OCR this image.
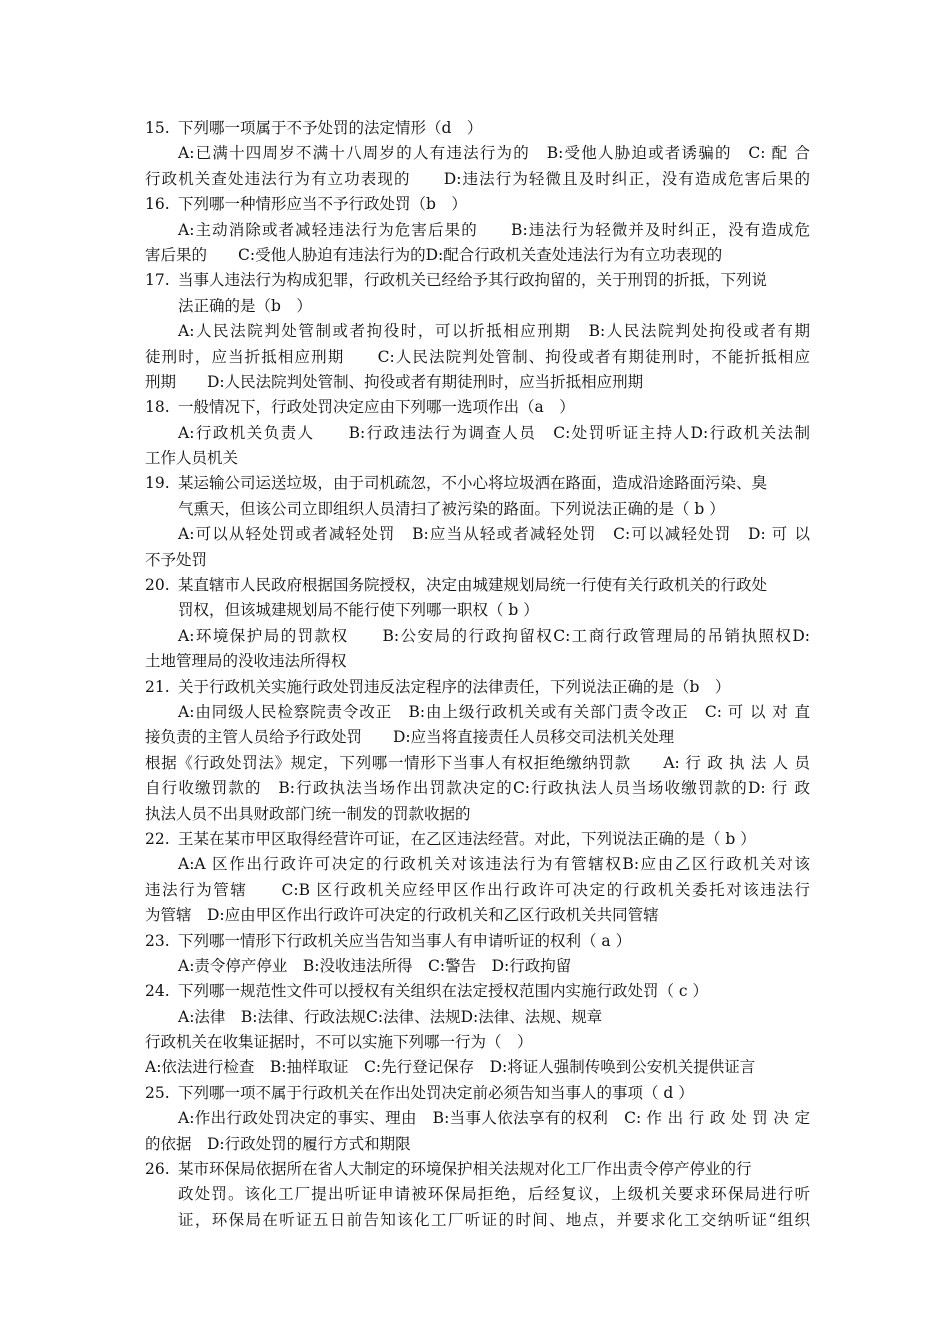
15. 下列哪一项属于不予处罚的法定情形（d　）
A:已满十四周岁不满十八周岁的人有违法行为的　B:受他人胁迫或者诱骗的　C: 配 合
行政机关查处违法行为有立功表现的　　D:违法行为轻微且及时纠正，没有造成危害后果的
16. 下列哪一种情形应当不予行政处罚（b　）
A:主动消除或者减轻违法行为危害后果的　　B:违法行为轻微并及时纠正，没有造成危
害后果的　　C:受他人胁迫有违法行为的D:配合行政机关查处违法行为有立功表现的
17. 当事人违法行为构成犯罪，行政机关已经给予其行政拘留的，关于刑罚的折抵，下列说
法正确的是（b　）
A:人民法院判处管制或者拘役时，可以折抵相应刑期　B:人民法院判处拘役或者有期
徒刑时，应当折抵相应刑期　　C:人民法院判处管制、拘役或者有期徒刑时，不能折抵相应
刑期　　D:人民法院判处管制、拘役或者有期徒刑时，应当折抵相应刑期
18. 一般情况下，行政处罚决定应由下列哪一选项作出（a　）
A:行政机关负责人　　B:行政违法行为调查人员　C:处罚听证主持人D:行政机关法制
工作人员机关
19. 某运输公司运送垃圾，由于司机疏忽，不小心将垃圾洒在路面，造成沿途路面污染、臭
气熏天，但该公司立即组织人员清扫了被污染的路面。下列说法正确的是（ b ）
A:可以从轻处罚或者减轻处罚　B:应当从轻或者减轻处罚　C:可以减轻处罚　D: 可 以
不予处罚
20. 某直辖市人民政府根据国务院授权，决定由城建规划局统一行使有关行政机关的行政处
罚权，但该城建规划局不能行使下列哪一职权（ b ）
A:环境保护局的罚款权　　B:公安局的行政拘留权C:工商行政管理局的吊销执照权D:
土地管理局的没收违法所得权
21. 关于行政机关实施行政处罚违反法定程序的法律责任，下列说法正确的是（b　）
A:由同级人民检察院责令改正　B:由上级行政机关或有关部门责令改正　C: 可 以 对 直
接负责的主管人员给予行政处罚　　D:应当将直接责任人员移交司法机关处理
根据《行政处罚法》规定，下列哪一情形下当事人有权拒绝缴纳罚款　　A: 行 政 执 法 人 员
自行收缴罚款的　B:行政执法当场作出罚款决定的C:行政执法人员当场收缴罚款的D: 行 政
执法人员不出具财政部门统一制发的罚款收据的
22. 王某在某市甲区取得经营许可证，在乙区违法经营。对此，下列说法正确的是（ b ）
A:A 区作出行政许可决定的行政机关对该违法行为有管辖权B:应由乙区行政机关对该
违法行为管辖　　C:B 区行政机关应经甲区作出行政许可决定的行政机关委托对该违法行
为管辖　D:应由甲区作出行政许可决定的行政机关和乙区行政机关共同管辖
23. 下列哪一情形下行政机关应当告知当事人有申请听证的权利（ a ）
A:责令停产停业　B:没收违法所得　C:警告　D:行政拘留
24. 下列哪一规范性文件可以授权有关组织在法定授权范围内实施行政处罚（ c ）
A:法律　B:法律、行政法规C:法律、法规D:法律、法规、规章
行政机关在收集证据时，不可以实施下列哪一行为（　）
A:依法进行检查　B:抽样取证　C:先行登记保存　D:将证人强制传唤到公安机关提供证言
25. 下列哪一项不属于行政机关在作出处罚决定前必须告知当事人的事项（ d ）
A:作出行政处罚决定的事实、理由　B:当事人依法享有的权利　C: 作 出 行 政 处 罚 决 定
的依据　D:行政处罚的履行方式和期限
26. 某市环保局依据所在省人大制定的环境保护相关法规对化工厂作出责令停产停业的行
政处罚。该化工厂提出听证申请被环保局拒绝，后经复议，上级机关要求环保局进行听
证，环保局在听证五日前告知该化工厂听证的时间、地点，并要求化工交纳听证“组织
